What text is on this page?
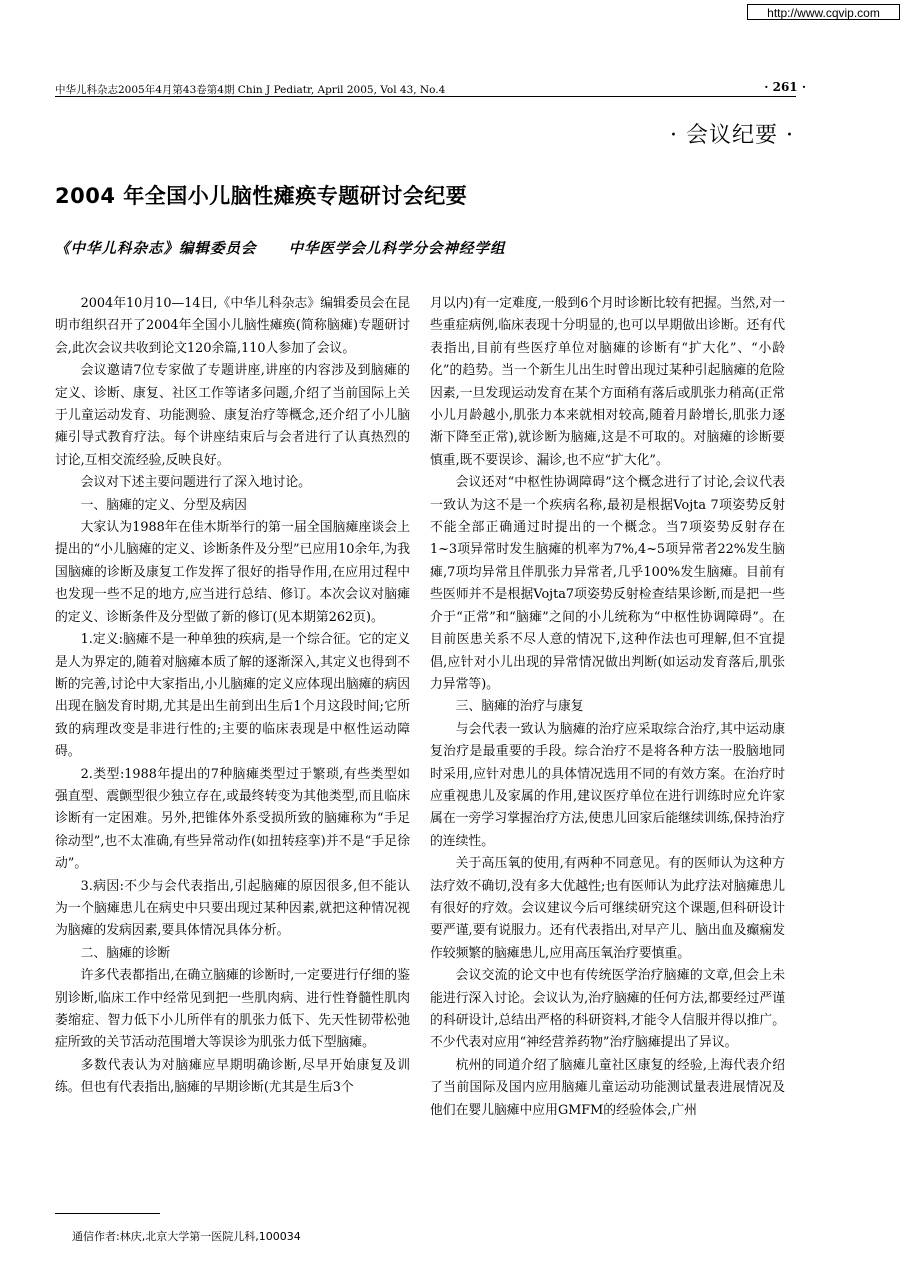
http://www.cqvip.com
中华儿科杂志2005年4月第43卷第4期 Chin J Pediatr, April 2005, Vol 43, No.4	· 261 ·
· 会议纪要 ·
2004 年全国小儿脑性瘫痪专题研讨会纪要
《中华儿科杂志》编辑委员会 中华医学会儿科学分会神经学组

2004年10月10—14日,《中华儿科杂志》编辑委员会在昆明市组织召开了2004年全国小儿脑性瘫痪(简称脑瘫)专题研讨会,此次会议共收到论文120余篇,110人参加了会议。

会议邀请7位专家做了专题讲座,讲座的内容涉及到脑瘫的定义、诊断、康复、社区工作等诸多问题,介绍了当前国际上关于儿童运动发育、功能测验、康复治疗等概念,还介绍了小儿脑瘫引导式教育疗法。每个讲座结束后与会者进行了认真热烈的讨论,互相交流经验,反映良好。

会议对下述主要问题进行了深入地讨论。

一、脑瘫的定义、分型及病因

大家认为1988年在佳木斯举行的第一届全国脑瘫座谈会上提出的“小儿脑瘫的定义、诊断条件及分型”已应用10余年,为我国脑瘫的诊断及康复工作发挥了很好的指导作用,在应用过程中也发现一些不足的地方,应当进行总结、修订。本次会议对脑瘫的定义、诊断条件及分型做了新的修订(见本期第262页)。

1.定义:脑瘫不是一种单独的疾病,是一个综合征。它的定义是人为界定的,随着对脑瘫本质了解的逐渐深入,其定义也得到不断的完善,讨论中大家指出,小儿脑瘫的定义应体现出脑瘫的病因出现在脑发育时期,尤其是出生前到出生后1个月这段时间;它所致的病理改变是非进行性的;主要的临床表现是中枢性运动障碍。

2.类型:1988年提出的7种脑瘫类型过于繁琐,有些类型如强直型、震颤型很少独立存在,或最终转变为其他类型,而且临床诊断有一定困难。另外,把锥体外系受损所致的脑瘫称为“手足徐动型”,也不太准确,有些异常动作(如扭转痉挛)并不是“手足徐动”。

3.病因:不少与会代表指出,引起脑瘫的原因很多,但不能认为一个脑瘫患儿在病史中只要出现过某种因素,就把这种情况视为脑瘫的发病因素,要具体情况具体分析。

二、脑瘫的诊断

许多代表都指出,在确立脑瘫的诊断时,一定要进行仔细的鉴别诊断,临床工作中经常见到把一些肌肉病、进行性脊髓性肌肉萎缩症、智力低下小儿所伴有的肌张力低下、先天性韧带松弛症所致的关节活动范围增大等误诊为肌张力低下型脑瘫。

多数代表认为对脑瘫应早期明确诊断,尽早开始康复及训练。但也有代表指出,脑瘫的早期诊断(尤其是生后3个

月以内)有一定难度,一般到6个月时诊断比较有把握。当然,对一些重症病例,临床表现十分明显的,也可以早期做出诊断。还有代表指出,目前有些医疗单位对脑瘫的诊断有“扩大化”、“小龄化”的趋势。当一个新生儿出生时曾出现过某种引起脑瘫的危险因素,一旦发现运动发育在某个方面稍有落后或肌张力稍高(正常小儿月龄越小,肌张力本来就相对较高,随着月龄增长,肌张力逐渐下降至正常),就诊断为脑瘫,这是不可取的。对脑瘫的诊断要慎重,既不要误诊、漏诊,也不应“扩大化”。

会议还对“中枢性协调障碍”这个概念进行了讨论,会议代表一致认为这不是一个疾病名称,最初是根据Vojta 7项姿势反射不能全部正确通过时提出的一个概念。当7项姿势反射存在1~3项异常时发生脑瘫的机率为7%,4~5项异常者22%发生脑瘫,7项均异常且伴肌张力异常者,几乎100%发生脑瘫。目前有些医师并不是根据Vojta7项姿势反射检查结果诊断,而是把一些介于“正常”和“脑瘫”之间的小儿统称为“中枢性协调障碍”。在目前医患关系不尽人意的情况下,这种作法也可理解,但不宜提倡,应针对小儿出现的异常情况做出判断(如运动发育落后,肌张力异常等)。

三、脑瘫的治疗与康复

与会代表一致认为脑瘫的治疗应采取综合治疗,其中运动康复治疗是最重要的手段。综合治疗不是将各种方法一股脑地同时采用,应针对患儿的具体情况选用不同的有效方案。在治疗时应重视患儿及家属的作用,建议医疗单位在进行训练时应允许家属在一旁学习掌握治疗方法,使患儿回家后能继续训练,保持治疗的连续性。

关于高压氧的使用,有两种不同意见。有的医师认为这种方法疗效不确切,没有多大优越性;也有医师认为此疗法对脑瘫患儿有很好的疗效。会议建议今后可继续研究这个课题,但科研设计要严谨,要有说服力。还有代表指出,对早产儿、脑出血及癫痫发作较频繁的脑瘫患儿,应用高压氧治疗要慎重。

会议交流的论文中也有传统医学治疗脑瘫的文章,但会上未能进行深入讨论。会议认为,治疗脑瘫的任何方法,都要经过严谨的科研设计,总结出严格的科研资料,才能令人信服并得以推广。不少代表对应用“神经营养药物”治疗脑瘫提出了异议。

杭州的同道介绍了脑瘫儿童社区康复的经验,上海代表介绍了当前国际及国内应用脑瘫儿童运动功能测试量表进展情况及他们在婴儿脑瘫中应用GMFM的经验体会,广州

通信作者:林庆,北京大学第一医院儿科,100034
